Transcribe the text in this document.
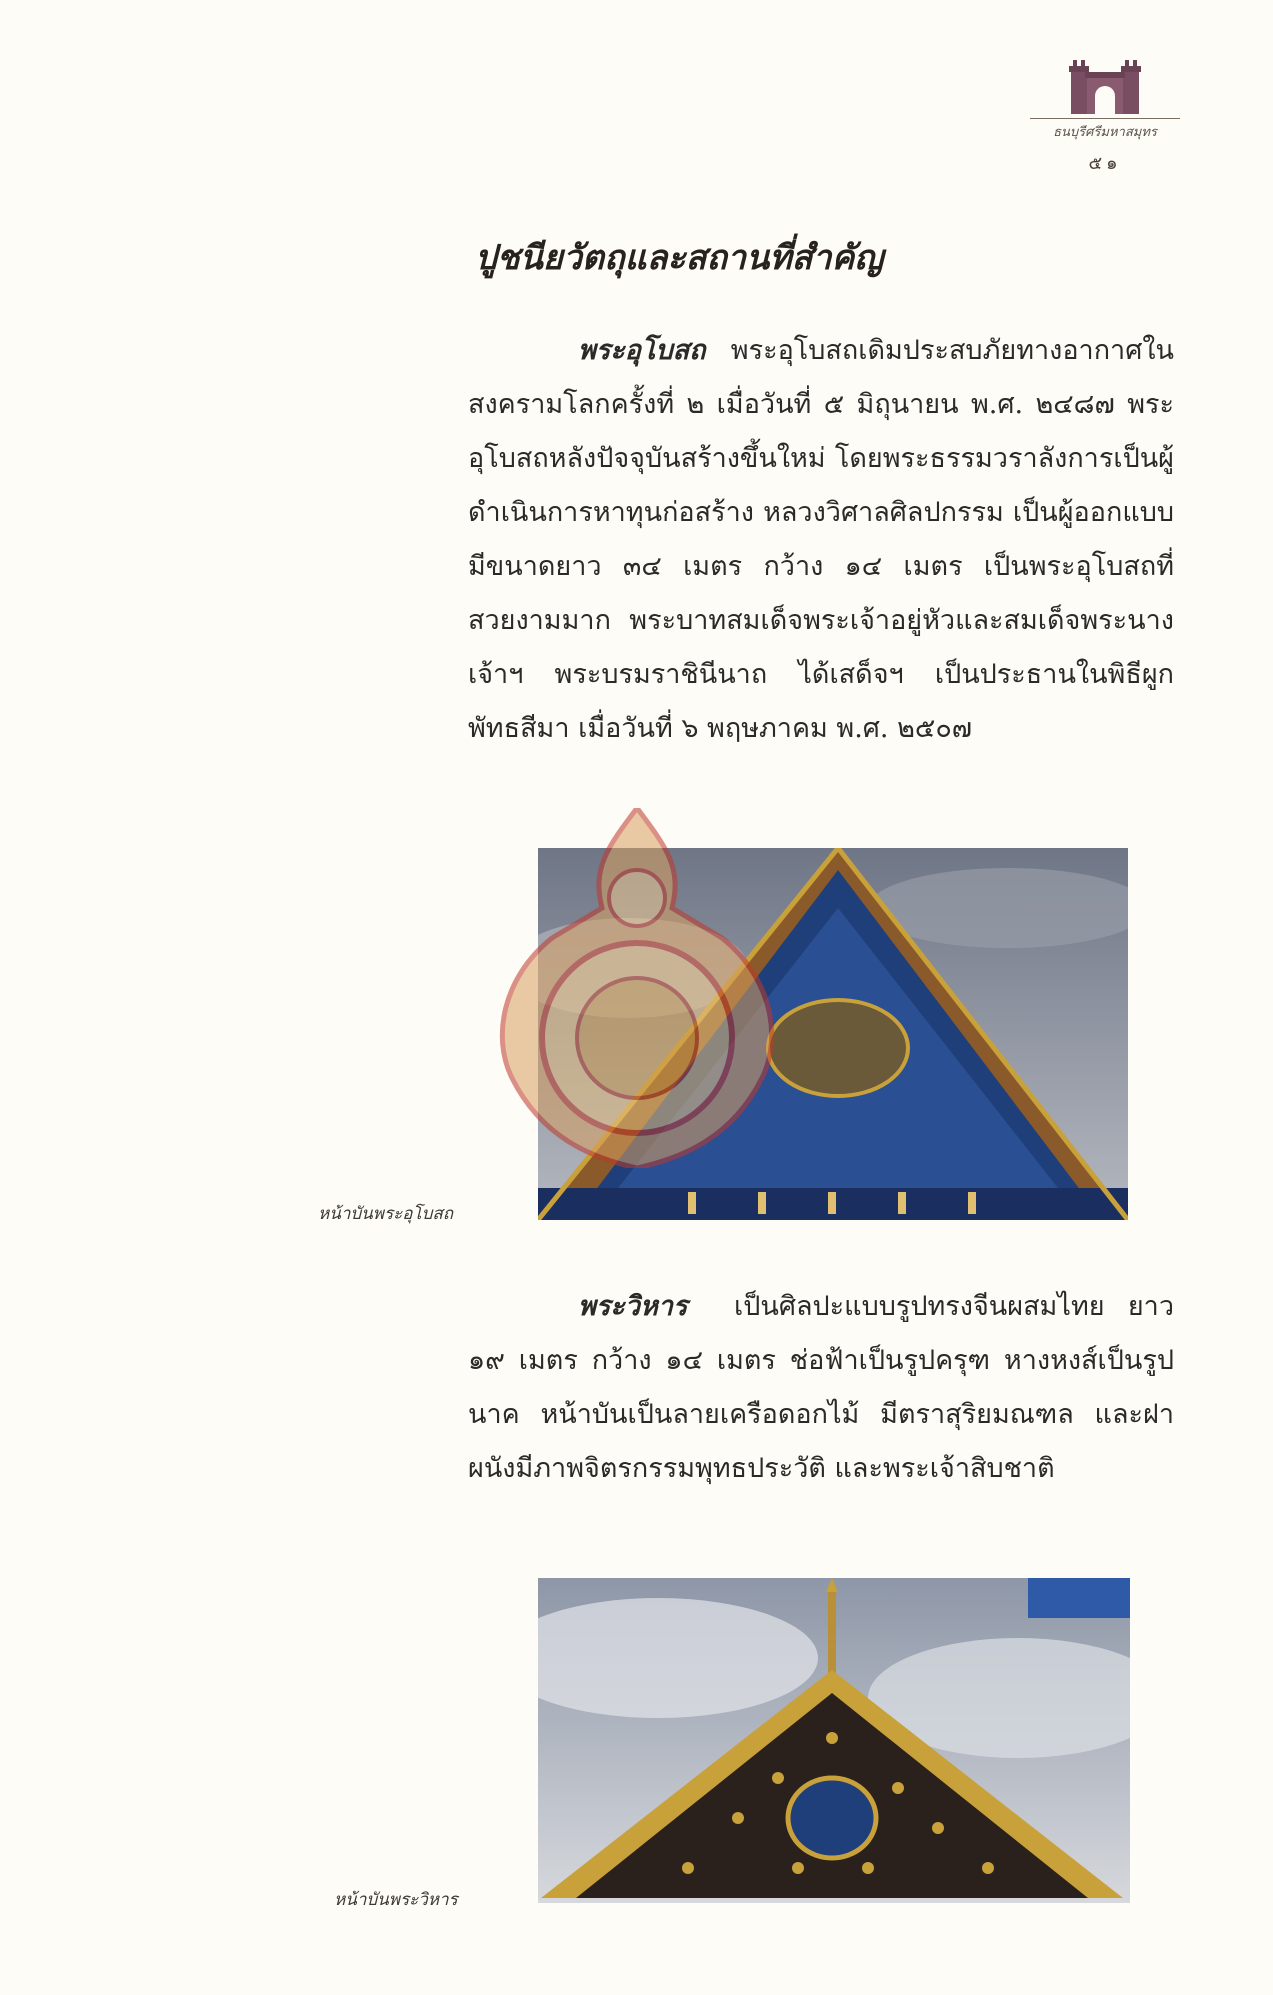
ธนบุรีศรีมหาสมุทร
๕๑
ปูชนียวัตถุและสถานที่สำคัญ
พระอุโบสถ พระอุโบสถเดิมประสบภัยทางอากาศในสงครามโลกครั้งที่ ๒ เมื่อวันที่ ๕ มิถุนายน พ.ศ. ๒๔๘๗ พระอุโบสถหลังปัจจุบันสร้างขึ้นใหม่ โดยพระธรรมวราลังการเป็นผู้ดำเนินการหาทุนก่อสร้าง หลวงวิศาลศิลปกรรม เป็นผู้ออกแบบ มีขนาดยาว ๓๔ เมตร กว้าง ๑๔ เมตร เป็นพระอุโบสถที่สวยงามมาก พระบาทสมเด็จพระเจ้าอยู่หัวและสมเด็จพระนางเจ้าฯ พระบรมราชินีนาถ ได้เสด็จฯ เป็นประธานในพิธีผูกพัทธสีมา เมื่อวันที่ ๖ พฤษภาคม พ.ศ. ๒๕๐๗
หน้าบันพระอุโบสถ
พระวิหาร เป็นศิลปะแบบรูปทรงจีนผสมไทย ยาว ๑๙ เมตร กว้าง ๑๔ เมตร ช่อฟ้าเป็นรูปครุฑ หางหงส์เป็นรูปนาค หน้าบันเป็นลายเครือดอกไม้ มีตราสุริยมณฑล และฝาผนังมีภาพจิตรกรรมพุทธประวัติ และพระเจ้าสิบชาติ
หน้าบันพระวิหาร
